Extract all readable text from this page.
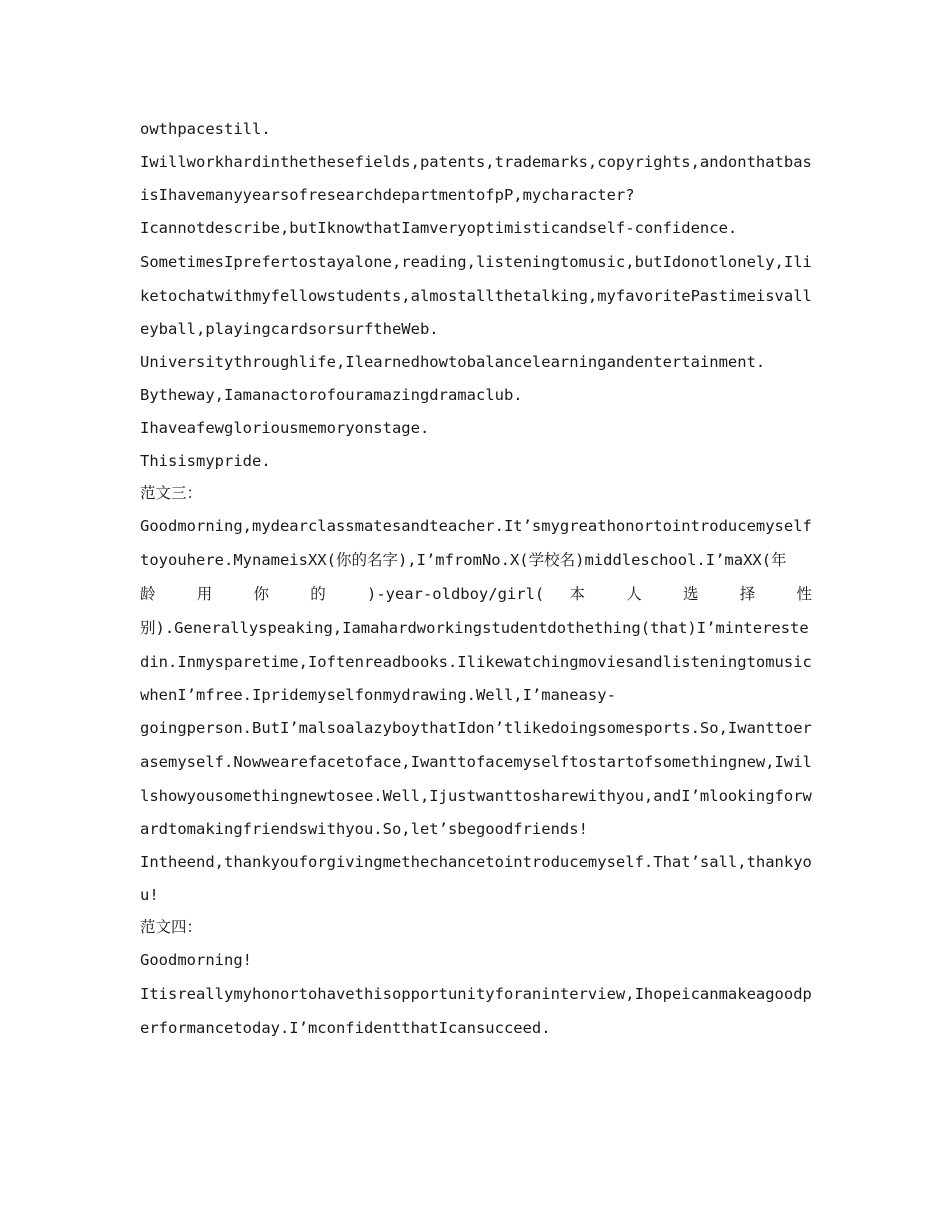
owthpacestill.
Iwillworkhardinthethesefields,patents,trademarks,copyrights,andonthatbas
isIhavemanyyearsofresearchdepartmentofpP,mycharacter?
Icannotdescribe,butIknowthatIamveryoptimisticandself-confidence.
SometimesIprefertostayalone,reading,listeningtomusic,butIdonotlonely,Ili
ketochatwithmyfellowstudents,almostallthetalking,myfavoritePastimeisvall
eyball,playingcardsorsurftheWeb.
Universitythroughlife,Ilearnedhowtobalancelearningandentertainment.
Bytheway,Iamanactorofouramazingdramaclub.
Ihaveafewgloriousmemoryonstage.
Thisismypride.
范文三：
Goodmorning,mydearclassmatesandteacher.It’smygreathonortointroducemyself
toyouhere.MynameisXX(你的名字),I’mfromNo.X(学校名)middleschool.I’maXX(年
龄 用 你 的 )-year-oldboy/girl( 本 人 选 择 性
别).Generallyspeaking,Iamahardworkingstudentdothething(that)I’mintereste
din.Inmysparetime,Ioftenreadbooks.Ilikewatchingmoviesandlisteningtomusic
whenI’mfree.Ipridemyselfonmydrawing.Well,I’maneasy-
goingperson.ButI’malsoalazyboythatIdon’tlikedoingsomesports.So,Iwanttoer
asemyself.Nowwearefacetoface,Iwanttofacemyselftostartofsomethingnew,Iwil
lshowyousomethingnewtosee.Well,Ijustwanttosharewithyou,andI’mlookingforw
ardtomakingfriendswithyou.So,let’sbegoodfriends!
Intheend,thankyouforgivingmethechancetointroducemyself.That’sall,thankyo
u!
范文四：
Goodmorning!
Itisreallymyhonortohavethisopportunityforaninterview,Ihopeicanmakeagoodp
erformancetoday.I’mconfidentthatIcansucceed.
